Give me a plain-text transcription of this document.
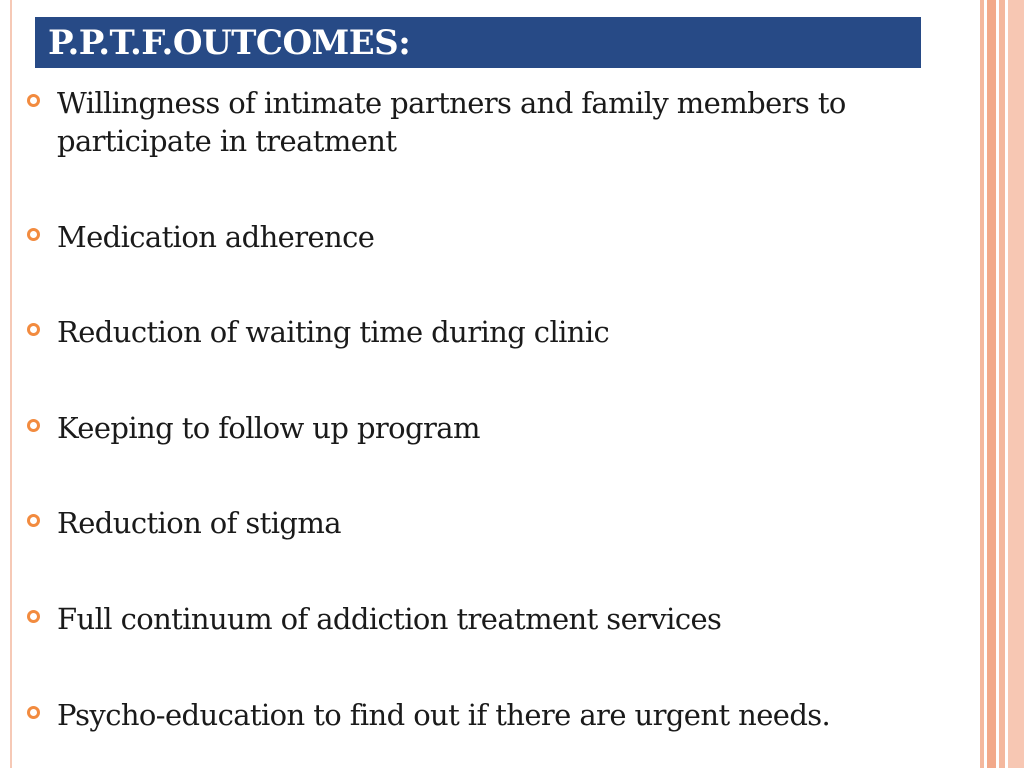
P.P.T.F.OUTCOMES:
Willingness of intimate partners and family members to participate in treatment
Medication adherence
Reduction of waiting time during clinic
Keeping to follow up program
Reduction of stigma
Full continuum of addiction treatment services
Psycho-education to find out if there are urgent needs.
